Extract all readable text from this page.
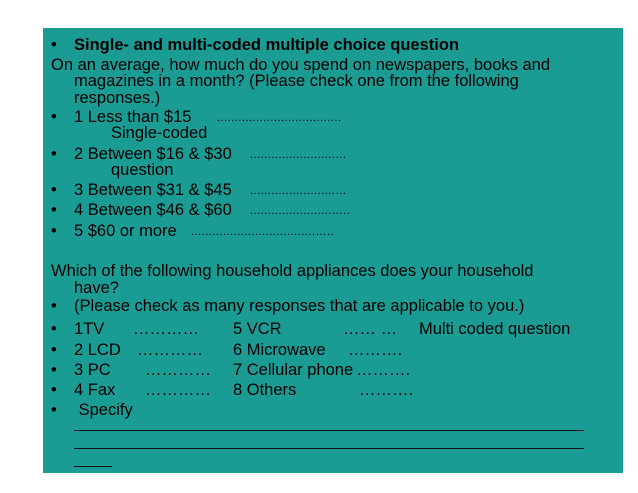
• Single- and multi-coded multiple choice question
On an average, how much do you spend on newspapers, books and
magazines in a month? (Please check one from the following
responses.)
• 1 Less than $15 ...................................
Single-coded
• 2 Between $16 & $30 ........................…
question
• 3 Between $31 & $45 ........................…
• 4 Between $46 & $60 .......................…..
• 5 $60 or more ...................................…..
Which of the following household appliances does your household
have?
• (Please check as many responses that are applicable to you.)
• 1TV ………… 5 VCR	…… … Multi coded question
• 2 LCD ………… 6 Microwave ……….
• 3 PC ………… 7 Cellular phone ……….
• 4 Fax ………… 8 Others	……….
• Specify
